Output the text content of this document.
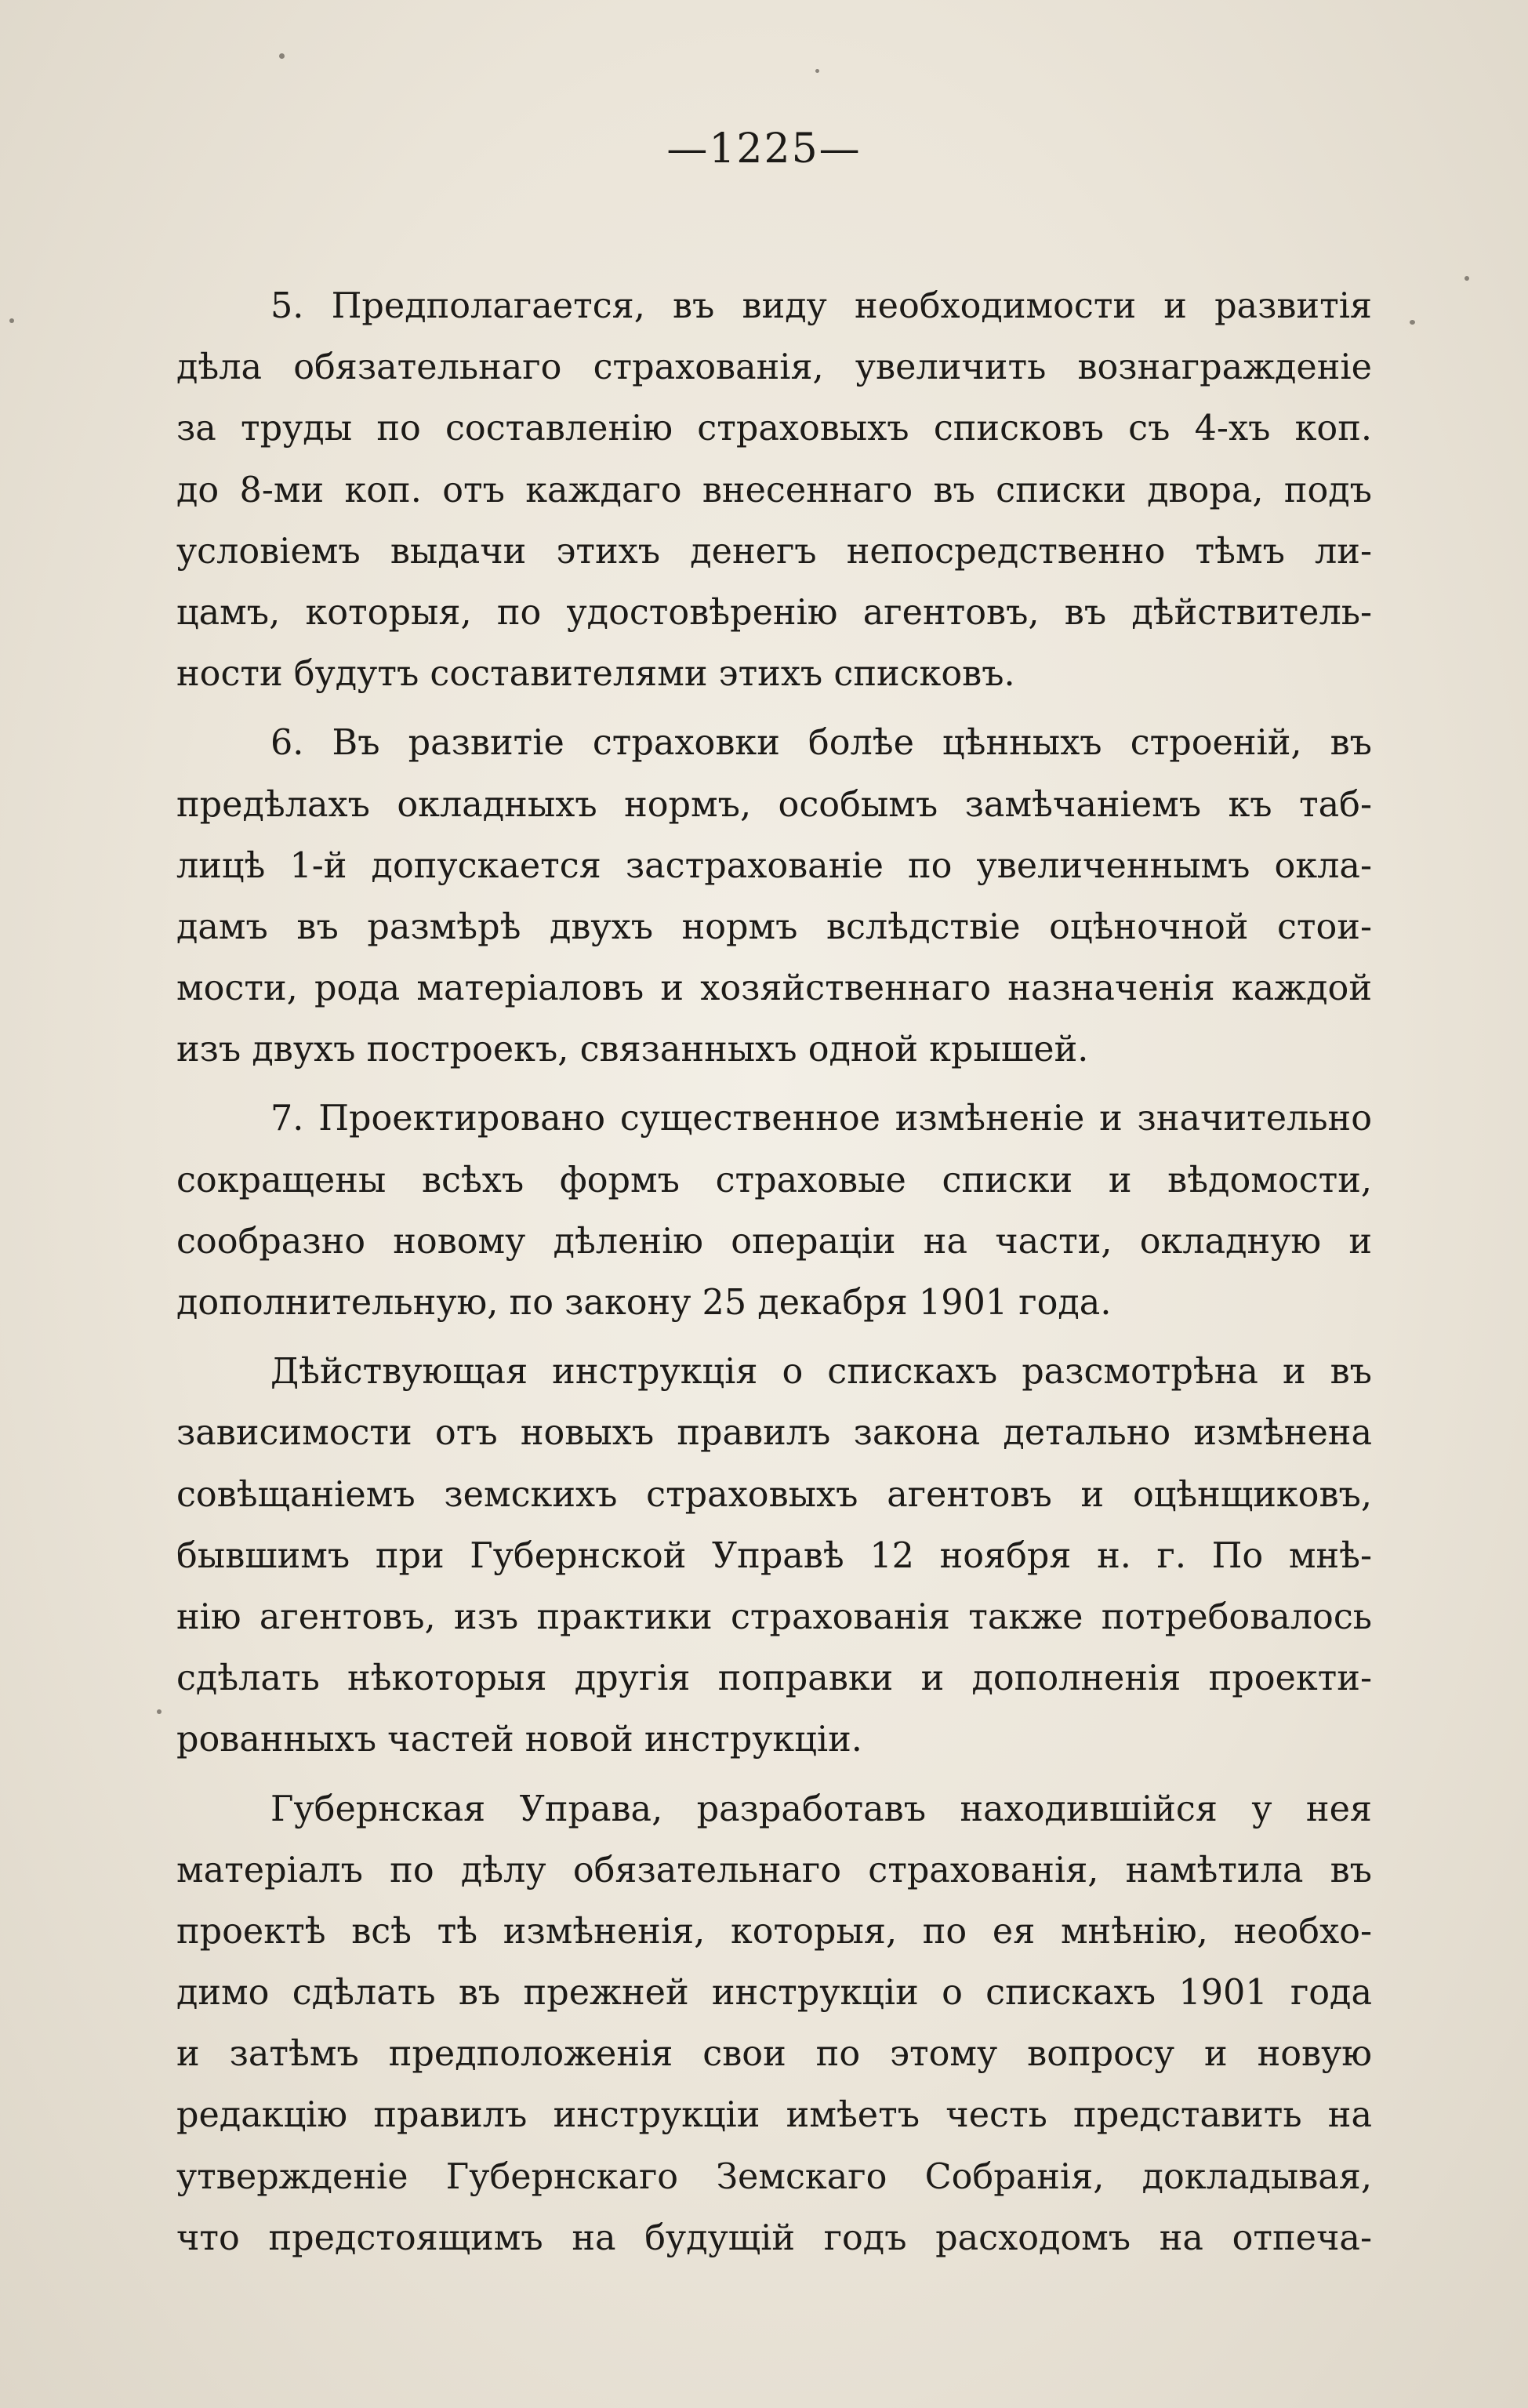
—1225—

5. Предполагается, въ виду необходимости и развитія
дѣла обязательнаго страхованія, увеличить вознагражденіе
за труды по составленію страховыхъ списковъ съ 4-хъ коп.
до 8-ми коп. отъ каждаго внесеннаго въ списки двора, подъ
условіемъ выдачи этихъ денегъ непосредственно тѣмъ ли-
цамъ, которыя, по удостовѣренію агентовъ, въ дѣйствитель-
ности будутъ составителями этихъ списковъ.

6. Въ развитіе страховки болѣе цѣнныхъ строеній, въ
предѣлахъ окладныхъ нормъ, особымъ замѣчаніемъ къ таб-
лицѣ 1-й допускается застрахованіе по увеличеннымъ окла-
дамъ въ размѣрѣ двухъ нормъ вслѣдствіе оцѣночной стои-
мости, рода матеріаловъ и хозяйственнаго назначенія каждой
изъ двухъ построекъ, связанныхъ одной крышей.

7. Проектировано существенное измѣненіе и значительно
сокращены всѣхъ формъ страховые списки и вѣдомости,
сообразно новому дѣленію операціи на части, окладную и
дополнительную, по закону 25 декабря 1901 года.

Дѣйствующая инструкція о спискахъ разсмотрѣна и въ
зависимости отъ новыхъ правилъ закона детально измѣнена
совѣщаніемъ земскихъ страховыхъ агентовъ и оцѣнщиковъ,
бывшимъ при Губернской Управѣ 12 ноября н. г. По мнѣ-
нію агентовъ, изъ практики страхованія также потребовалось
сдѣлать нѣкоторыя другія поправки и дополненія проекти-
рованныхъ частей новой инструкціи.

Губернская Управа, разработавъ находившійся у нея
матеріалъ по дѣлу обязательнаго страхованія, намѣтила въ
проектѣ всѣ тѣ измѣненія, которыя, по ея мнѣнію, необхо-
димо сдѣлать въ прежней инструкціи о спискахъ 1901 года
и затѣмъ предположенія свои по этому вопросу и новую
редакцію правилъ инструкціи имѣетъ честь представить на
утвержденіе Губернскаго Земскаго Собранія, докладывая,
что предстоящимъ на будущій годъ расходомъ на отпеча-
